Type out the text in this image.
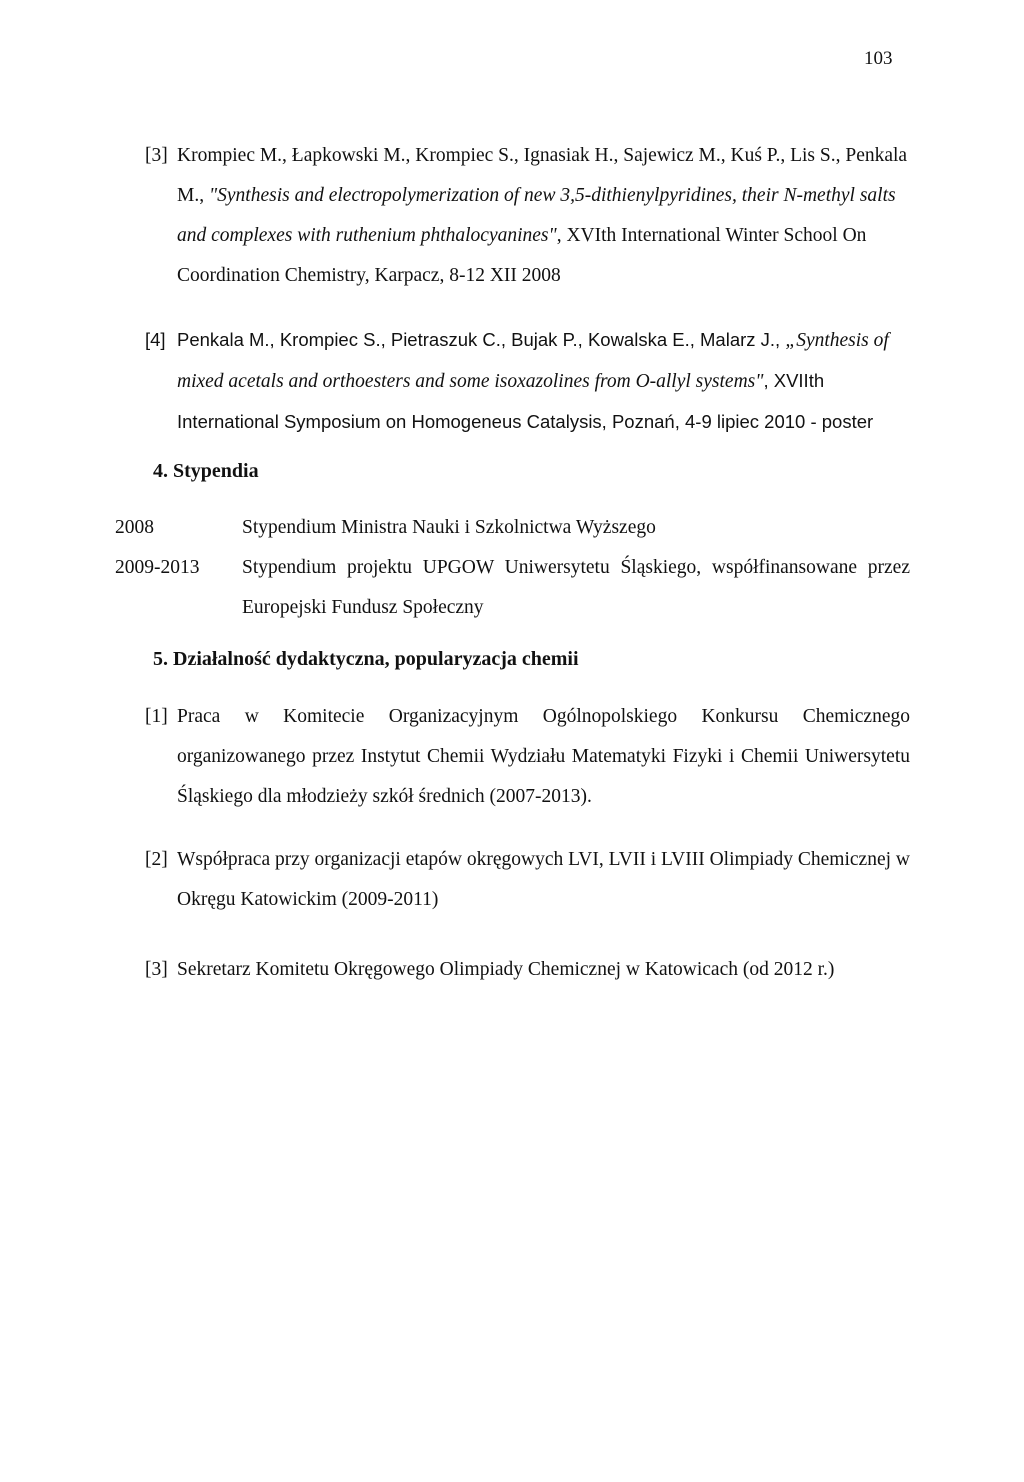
103
[3] Krompiec M., Łapkowski M., Krompiec S., Ignasiak H., Sajewicz M., Kuś P., Lis S., Penkala M., "Synthesis and electropolymerization of new 3,5-dithienylpyridines, their N-methyl salts and complexes with ruthenium phthalocyanines", XVIth International Winter School On Coordination Chemistry, Karpacz, 8-12 XII 2008
[4] Penkala M., Krompiec S., Pietraszuk C., Bujak P., Kowalska E., Malarz J., „Synthesis of mixed acetals and orthoesters and some isoxazolines from O-allyl systems", XVIIth International Symposium on Homogeneus Catalysis, Poznań, 4-9 lipiec 2010 - poster
4. Stypendia
2008	Stypendium Ministra Nauki i Szkolnictwa Wyższego
2009-2013 Stypendium projektu UPGOW Uniwersytetu Śląskiego, współfinansowane przez Europejski Fundusz Społeczny
5. Działalność dydaktyczna, popularyzacja chemii
[1] Praca w Komitecie Organizacyjnym Ogólnopolskiego Konkursu Chemicznego organizowanego przez Instytut Chemii Wydziału Matematyki Fizyki i Chemii Uniwersytetu Śląskiego dla młodzieży szkół średnich (2007-2013).
[2] Współpraca przy organizacji etapów okręgowych LVI, LVII i LVIII Olimpiady Chemicznej w Okręgu Katowickim (2009-2011)
[3] Sekretarz Komitetu Okręgowego Olimpiady Chemicznej w Katowicach (od 2012 r.)
